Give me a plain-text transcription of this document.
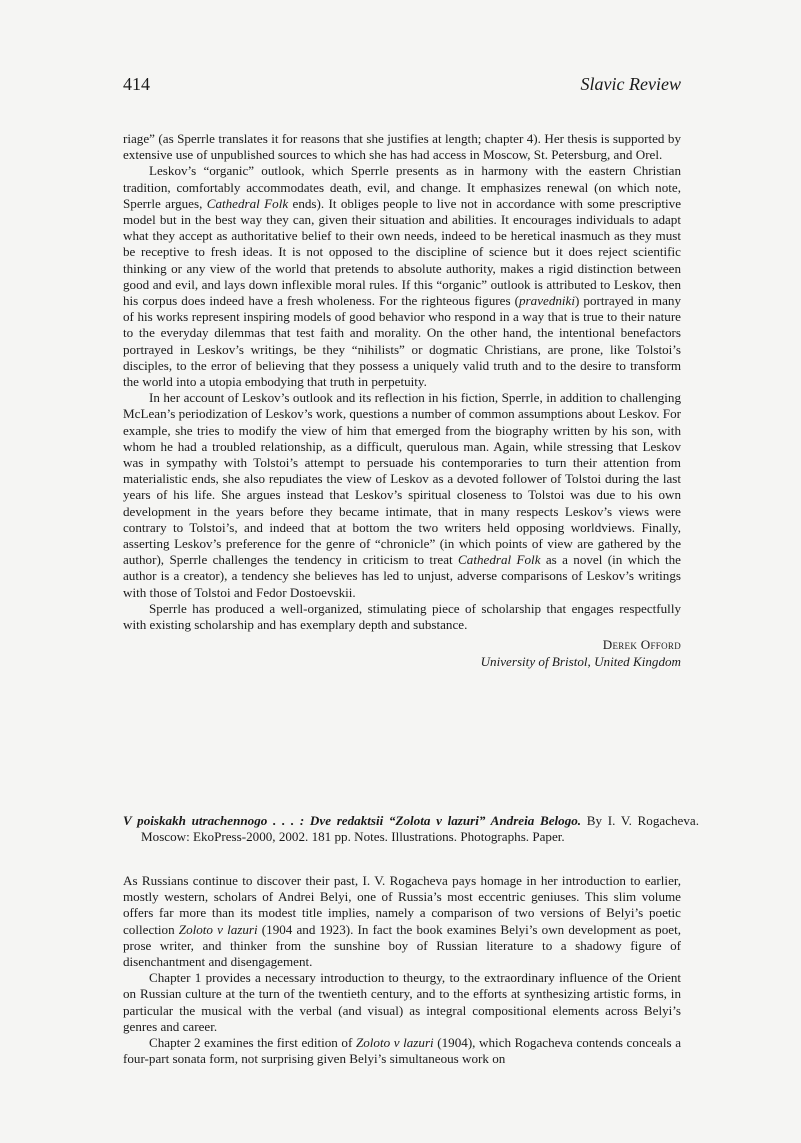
414	Slavic Review

riage” (as Sperrle translates it for reasons that she justifies at length; chapter 4). Her thesis is supported by extensive use of unpublished sources to which she has had access in Moscow, St. Petersburg, and Orel.

Leskov’s “organic” outlook, which Sperrle presents as in harmony with the eastern Christian tradition, comfortably accommodates death, evil, and change. It emphasizes renewal (on which note, Sperrle argues, Cathedral Folk ends). It obliges people to live not in accordance with some prescriptive model but in the best way they can, given their situation and abilities. It encourages individuals to adapt what they accept as authoritative belief to their own needs, indeed to be heretical inasmuch as they must be receptive to fresh ideas. It is not opposed to the discipline of science but it does reject scientific thinking or any view of the world that pretends to absolute authority, makes a rigid distinction between good and evil, and lays down inflexible moral rules. If this “organic” outlook is attributed to Leskov, then his corpus does indeed have a fresh wholeness. For the righteous figures (pravedniki) portrayed in many of his works represent inspiring models of good behavior who respond in a way that is true to their nature to the everyday dilemmas that test faith and morality. On the other hand, the intentional benefactors portrayed in Leskov’s writings, be they “nihilists” or dogmatic Christians, are prone, like Tolstoi’s disciples, to the error of believing that they possess a uniquely valid truth and to the desire to transform the world into a utopia embodying that truth in perpetuity.

In her account of Leskov’s outlook and its reflection in his fiction, Sperrle, in addition to challenging McLean’s periodization of Leskov’s work, questions a number of common assumptions about Leskov. For example, she tries to modify the view of him that emerged from the biography written by his son, with whom he had a troubled relationship, as a difficult, querulous man. Again, while stressing that Leskov was in sympathy with Tolstoi’s attempt to persuade his contemporaries to turn their attention from materialistic ends, she also repudiates the view of Leskov as a devoted follower of Tolstoi during the last years of his life. She argues instead that Leskov’s spiritual closeness to Tolstoi was due to his own development in the years before they became intimate, that in many respects Leskov’s views were contrary to Tolstoi’s, and indeed that at bottom the two writers held opposing worldviews. Finally, asserting Leskov’s preference for the genre of “chronicle” (in which points of view are gathered by the author), Sperrle challenges the tendency in criticism to treat Cathedral Folk as a novel (in which the author is a creator), a tendency she believes has led to unjust, adverse comparisons of Leskov’s writings with those of Tolstoi and Fedor Dostoevskii.

Sperrle has produced a well-organized, stimulating piece of scholarship that engages respectfully with existing scholarship and has exemplary depth and substance.

Derek Offord
University of Bristol, United Kingdom
V poiskakh utrachennogo . . . : Dve redaktsii “Zolota v lazuri” Andreia Belogo. By I. V. Rogacheva. Moscow: EkoPress-2000, 2002. 181 pp. Notes. Illustrations. Photographs. Paper.

As Russians continue to discover their past, I. V. Rogacheva pays homage in her introduction to earlier, mostly western, scholars of Andrei Belyi, one of Russia’s most eccentric geniuses. This slim volume offers far more than its modest title implies, namely a comparison of two versions of Belyi’s poetic collection Zoloto v lazuri (1904 and 1923). In fact the book examines Belyi’s own development as poet, prose writer, and thinker from the sunshine boy of Russian literature to a shadowy figure of disenchantment and disengagement.

Chapter 1 provides a necessary introduction to theurgy, to the extraordinary influence of the Orient on Russian culture at the turn of the twentieth century, and to the efforts at synthesizing artistic forms, in particular the musical with the verbal (and visual) as integral compositional elements across Belyi’s genres and career.

Chapter 2 examines the first edition of Zoloto v lazuri (1904), which Rogacheva contends conceals a four-part sonata form, not surprising given Belyi’s simultaneous work on
